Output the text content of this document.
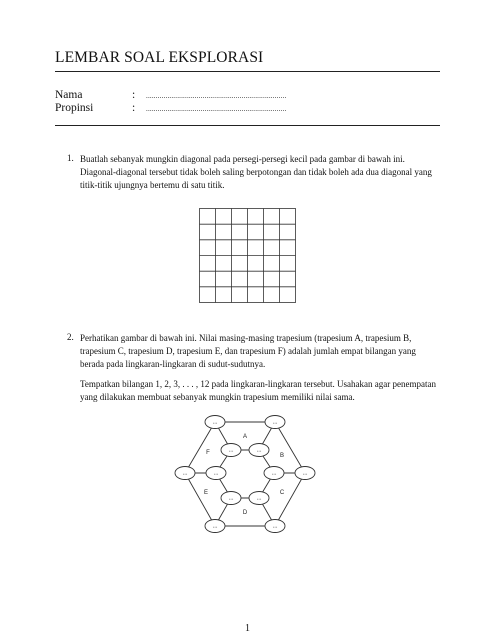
LEMBAR SOAL EKSPLORASI
Nama	:	........................................................................
Propinsi	:	........................................................................
1. Buatlah sebanyak mungkin diagonal pada persegi-persegi kecil pada gambar di bawah ini. Diagonal-diagonal tersebut tidak boleh saling berpotongan dan tidak boleh ada dua diagonal yang titik-titik ujungnya bertemu di satu titik.

2. Perhatikan gambar di bawah ini. Nilai masing-masing trapesium (trapesium A, trapesium B, trapesium C, trapesium D, trapesium E, dan trapesium F) adalah jumlah empat bilangan yang berada pada lingkaran-lingkaran di sudut-sudutnya.

Tempatkan bilangan 1, 2, 3, . . . , 12 pada lingkaran-lingkaran tersebut. Usahakan agar penempatan yang dilakukan membuat sebanyak mungkin trapesium memiliki nilai sama.

...	...
...
...
...
...
...	...
...
...
...
...
A
B
C
D
E
F
1
